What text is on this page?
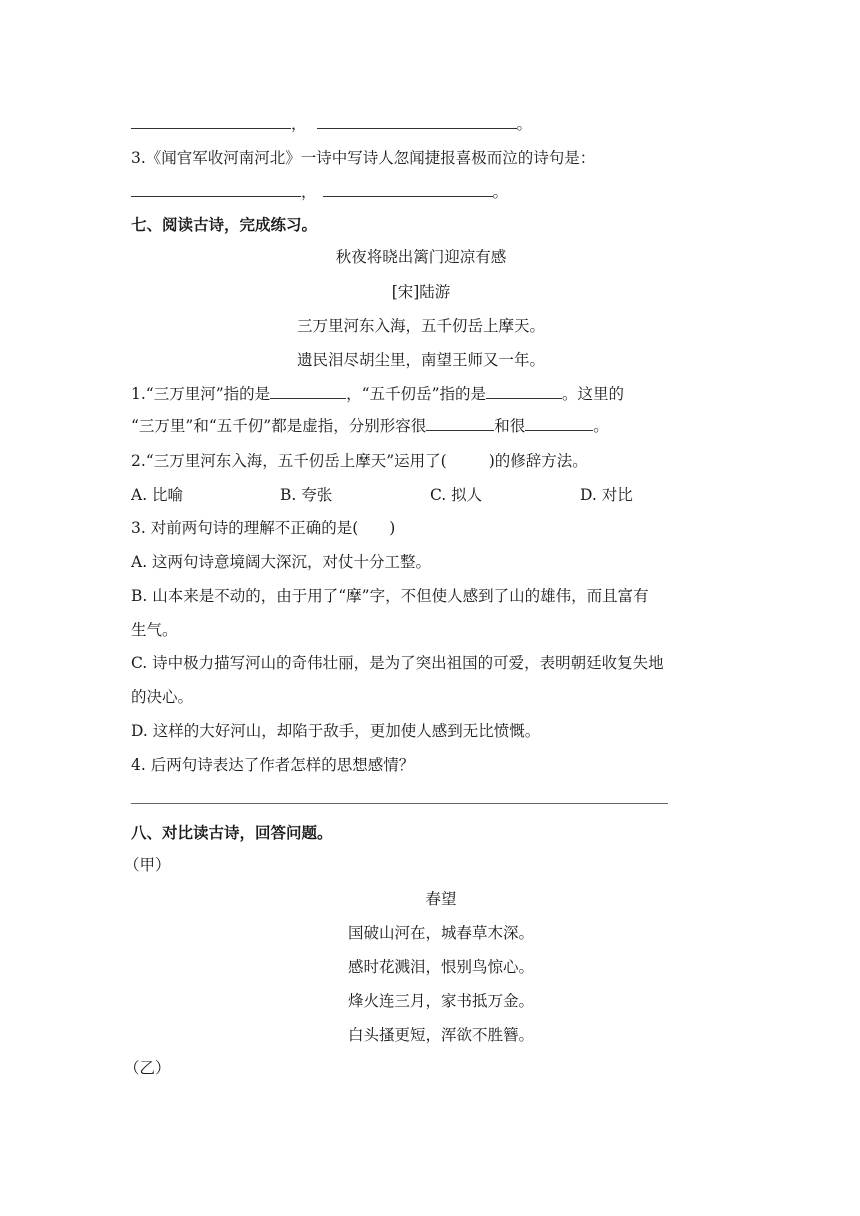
，	。
3.《闻官军收河南河北》一诗中写诗人忽闻捷报喜极而泣的诗句是：
，	。
七、阅读古诗，完成练习。
秋夜将晓出篱门迎凉有感
[宋]陆游
三万里河东入海，五千仞岳上摩天。
遗民泪尽胡尘里，南望王师又一年。
1.“三万里河”指的是	，“五千仞岳”指的是	。这里的
“三万里”和“五千仞”都是虚指，分别形容很	和很	。
2.“三万里河东入海，五千仞岳上摩天”运用了(	)的修辞方法。
A. 比喻	B. 夸张	C. 拟人	D. 对比
3. 对前两句诗的理解不正确的是(　　)
A. 这两句诗意境阔大深沉，对仗十分工整。
B. 山本来是不动的，由于用了“摩”字，不但使人感到了山的雄伟，而且富有
生气。
C. 诗中极力描写河山的奇伟壮丽，是为了突出祖国的可爱，表明朝廷收复失地
的决心。
D. 这样的大好河山，却陷于敌手，更加使人感到无比愤慨。
4. 后两句诗表达了作者怎样的思想感情？
八、对比读古诗，回答问题。
（甲）
春望
国破山河在，城春草木深。
感时花溅泪，恨别鸟惊心。
烽火连三月，家书抵万金。
白头搔更短，浑欲不胜簪。
（乙）
